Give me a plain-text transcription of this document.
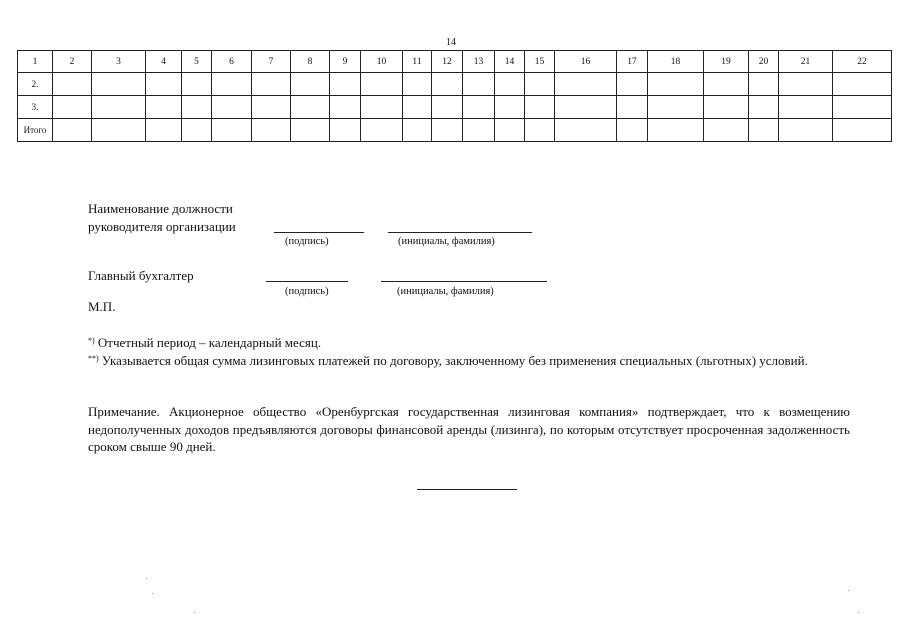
14
1	2	3	4	5	6	7	8	9	10	11	12	13	14	15	16	17	18	19	20	21	22
2.																					
3.																					
Итого																					
Наименование должности
руководителя организации
(подпись)	(инициалы, фамилия)
Главный бухгалтер
(подпись)	(инициалы, фамилия)
М.П.
*) Отчетный период – календарный месяц.
**) Указывается общая сумма лизинговых платежей по договору, заключенному без применения специальных (льготных) условий.
Примечание. Акционерное общество «Оренбургская государственная лизинговая компания» подтверждает, что к возмещению недополученных доходов предъявляются договоры финансовой аренды (лизинга), по которым отсутствует просроченная задолженность сроком свыше 90 дней.
